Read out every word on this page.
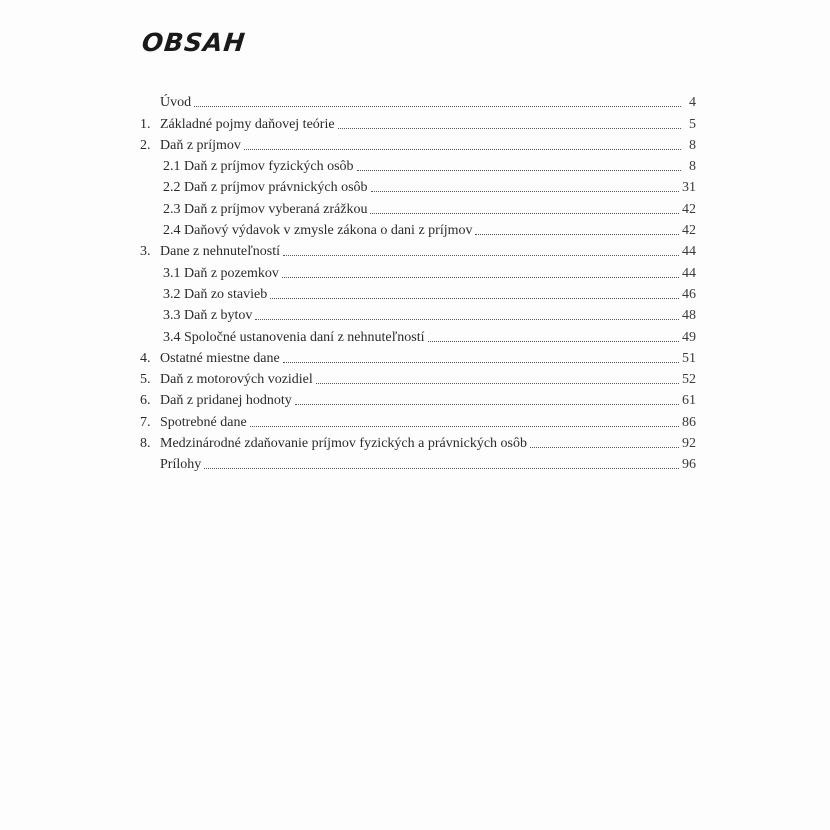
OBSAH
Úvod	4
1. Základné pojmy daňovej teórie	5
2. Daň z príjmov	8
2.1 Daň z príjmov fyzických osôb	8
2.2 Daň z príjmov právnických osôb	31
2.3 Daň z príjmov vyberaná zrážkou	42
2.4 Daňový výdavok v zmysle zákona o dani z príjmov	42
3. Dane z nehnuteľností	44
3.1 Daň z pozemkov	44
3.2 Daň zo stavieb	46
3.3 Daň z bytov	48
3.4 Spoločné ustanovenia daní z nehnuteľností	49
4. Ostatné miestne dane	51
5. Daň z motorových vozidiel	52
6. Daň z pridanej hodnoty	61
7. Spotrebné dane	86
8. Medzinárodné zdaňovanie príjmov fyzických a právnických osôb	92
Prílohy	96
